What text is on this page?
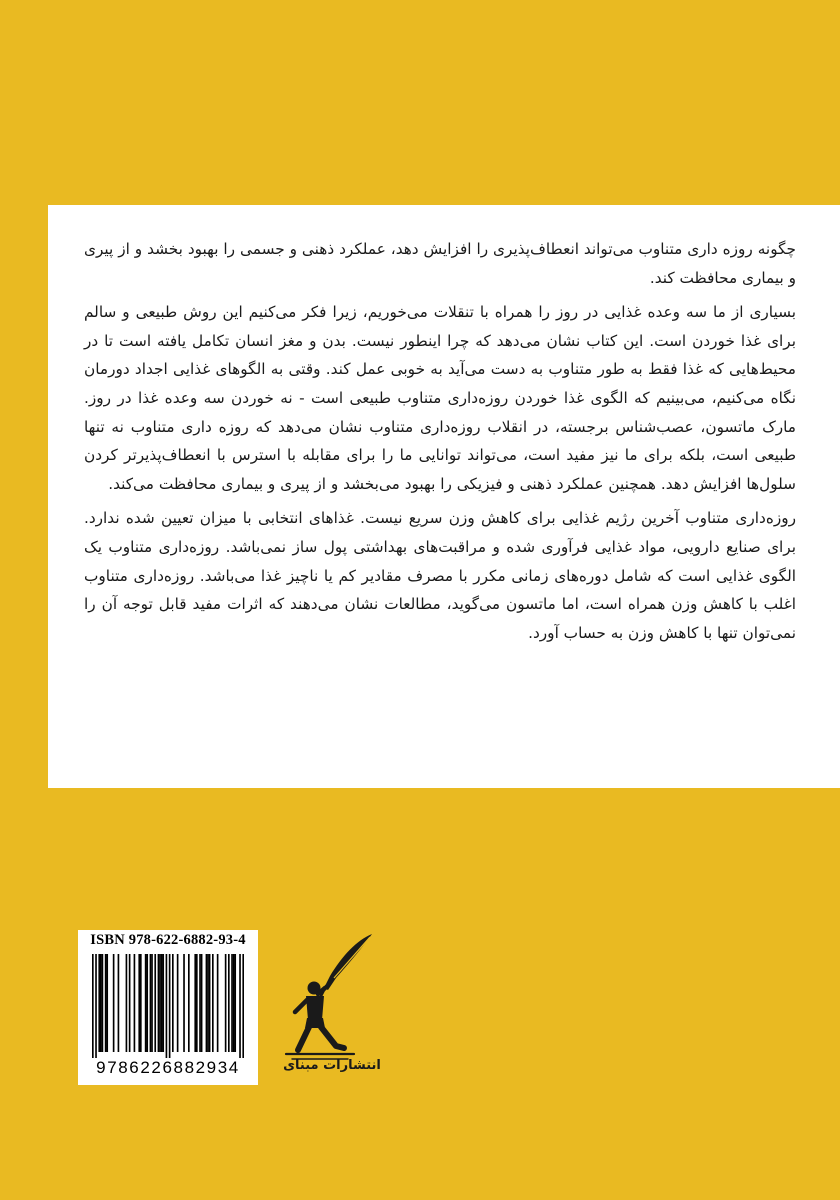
چگونه روزه داری متناوب می‌تواند انعطاف‌پذیری را افزایش دهد، عملکرد ذهنی و جسمی را بهبود بخشد و از پیری و بیماری محافظت کند.

بسیاری از ما سه وعده غذایی در روز را همراه با تنقلات می‌خوریم، زیرا فکر می‌کنیم این روش طبیعی و سالم برای غذا خوردن است. این کتاب نشان می‌دهد که چرا اینطور نیست. بدن و مغز انسان تکامل یافته است تا در محیط‌هایی که غذا فقط به طور متناوب به دست می‌آید به خوبی عمل کند. وقتی به الگوهای غذایی اجداد دورمان نگاه می‌کنیم، می‌بینیم که الگوی غذا خوردن روزه‌داری متناوب طبیعی است - نه خوردن سه وعده غذا در روز. مارک ماتسون، عصب‌شناس برجسته، در انقلاب روزه‌داری متناوب نشان می‌دهد که روزه داری متناوب نه تنها طبیعی است، بلکه برای ما نیز مفید است، می‌تواند توانایی ما را برای مقابله با استرس با انعطاف‌پذیرتر کردن سلول‌ها افزایش دهد. همچنین عملکرد ذهنی و فیزیکی را بهبود می‌بخشد و از پیری و بیماری محافظت می‌کند.

روزه‌داری متناوب آخرین رژیم غذایی برای کاهش وزن سریع نیست. غذاهای انتخابی با میزان تعیین شده ندارد. برای صنایع دارویی، مواد غذایی فرآوری شده و مراقبت‌های بهداشتی پول ساز نمی‌باشد. روزه‌داری متناوب یک الگوی غذایی است که شامل دوره‌های زمانی مکرر با مصرف مقادیر کم یا ناچیز غذا می‌باشد. روزه‌داری متناوب اغلب با کاهش وزن همراه است، اما ماتسون می‌گوید، مطالعات نشان می‌دهند که اثرات مفید قابل توجه آن را نمی‌توان تنها با کاهش وزن به حساب آورد.

ISBN 978-622-6882-93-4
9786226882934	انتشارات مبنای
